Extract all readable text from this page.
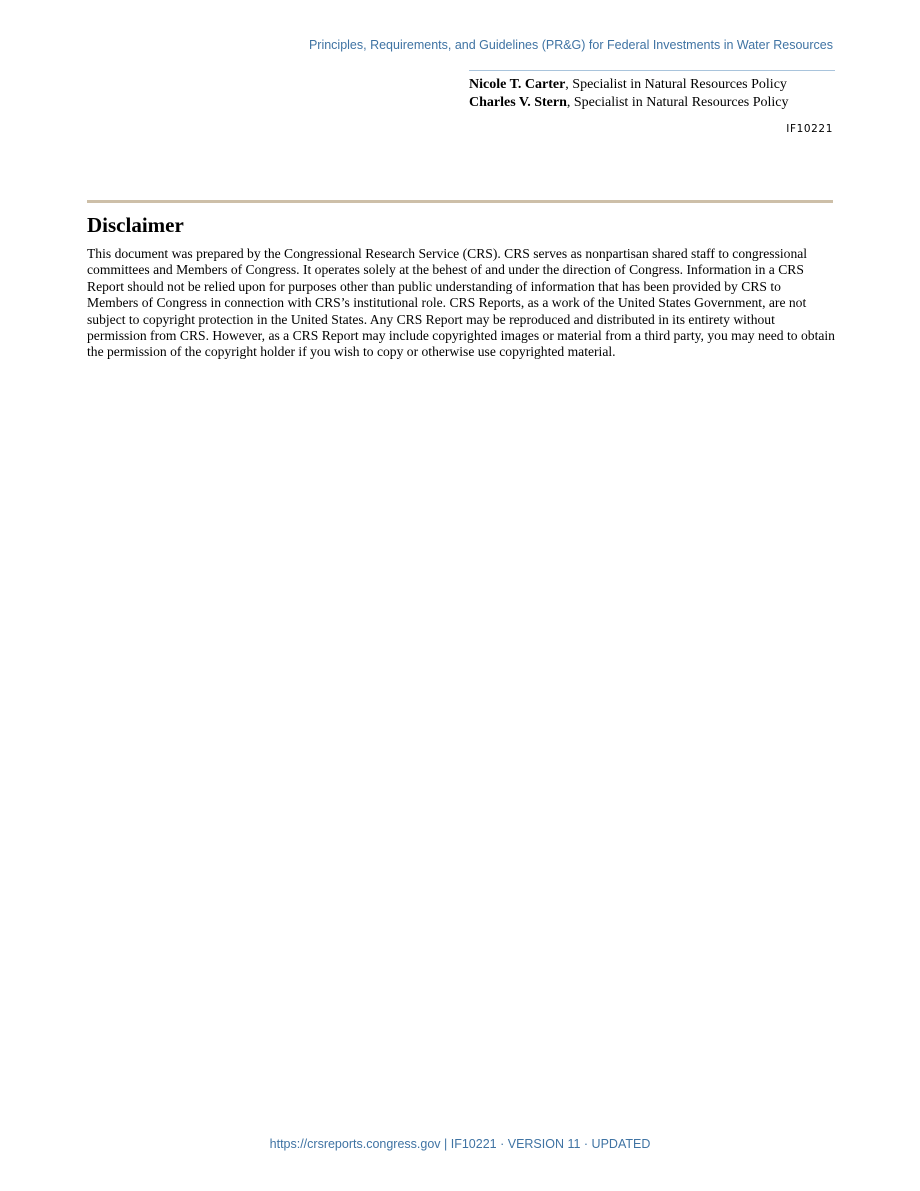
Principles, Requirements, and Guidelines (PR&G) for Federal Investments in Water Resources
Nicole T. Carter, Specialist in Natural Resources Policy
Charles V. Stern, Specialist in Natural Resources Policy
IF10221
Disclaimer

This document was prepared by the Congressional Research Service (CRS). CRS serves as nonpartisan shared staff to congressional committees and Members of Congress. It operates solely at the behest of and under the direction of Congress. Information in a CRS Report should not be relied upon for purposes other than public understanding of information that has been provided by CRS to Members of Congress in connection with CRS’s institutional role. CRS Reports, as a work of the United States Government, are not subject to copyright protection in the United States. Any CRS Report may be reproduced and distributed in its entirety without permission from CRS. However, as a CRS Report may include copyrighted images or material from a third party, you may need to obtain the permission of the copyright holder if you wish to copy or otherwise use copyrighted material.

https://crsreports.congress.gov | IF10221 · VERSION 11 · UPDATED
